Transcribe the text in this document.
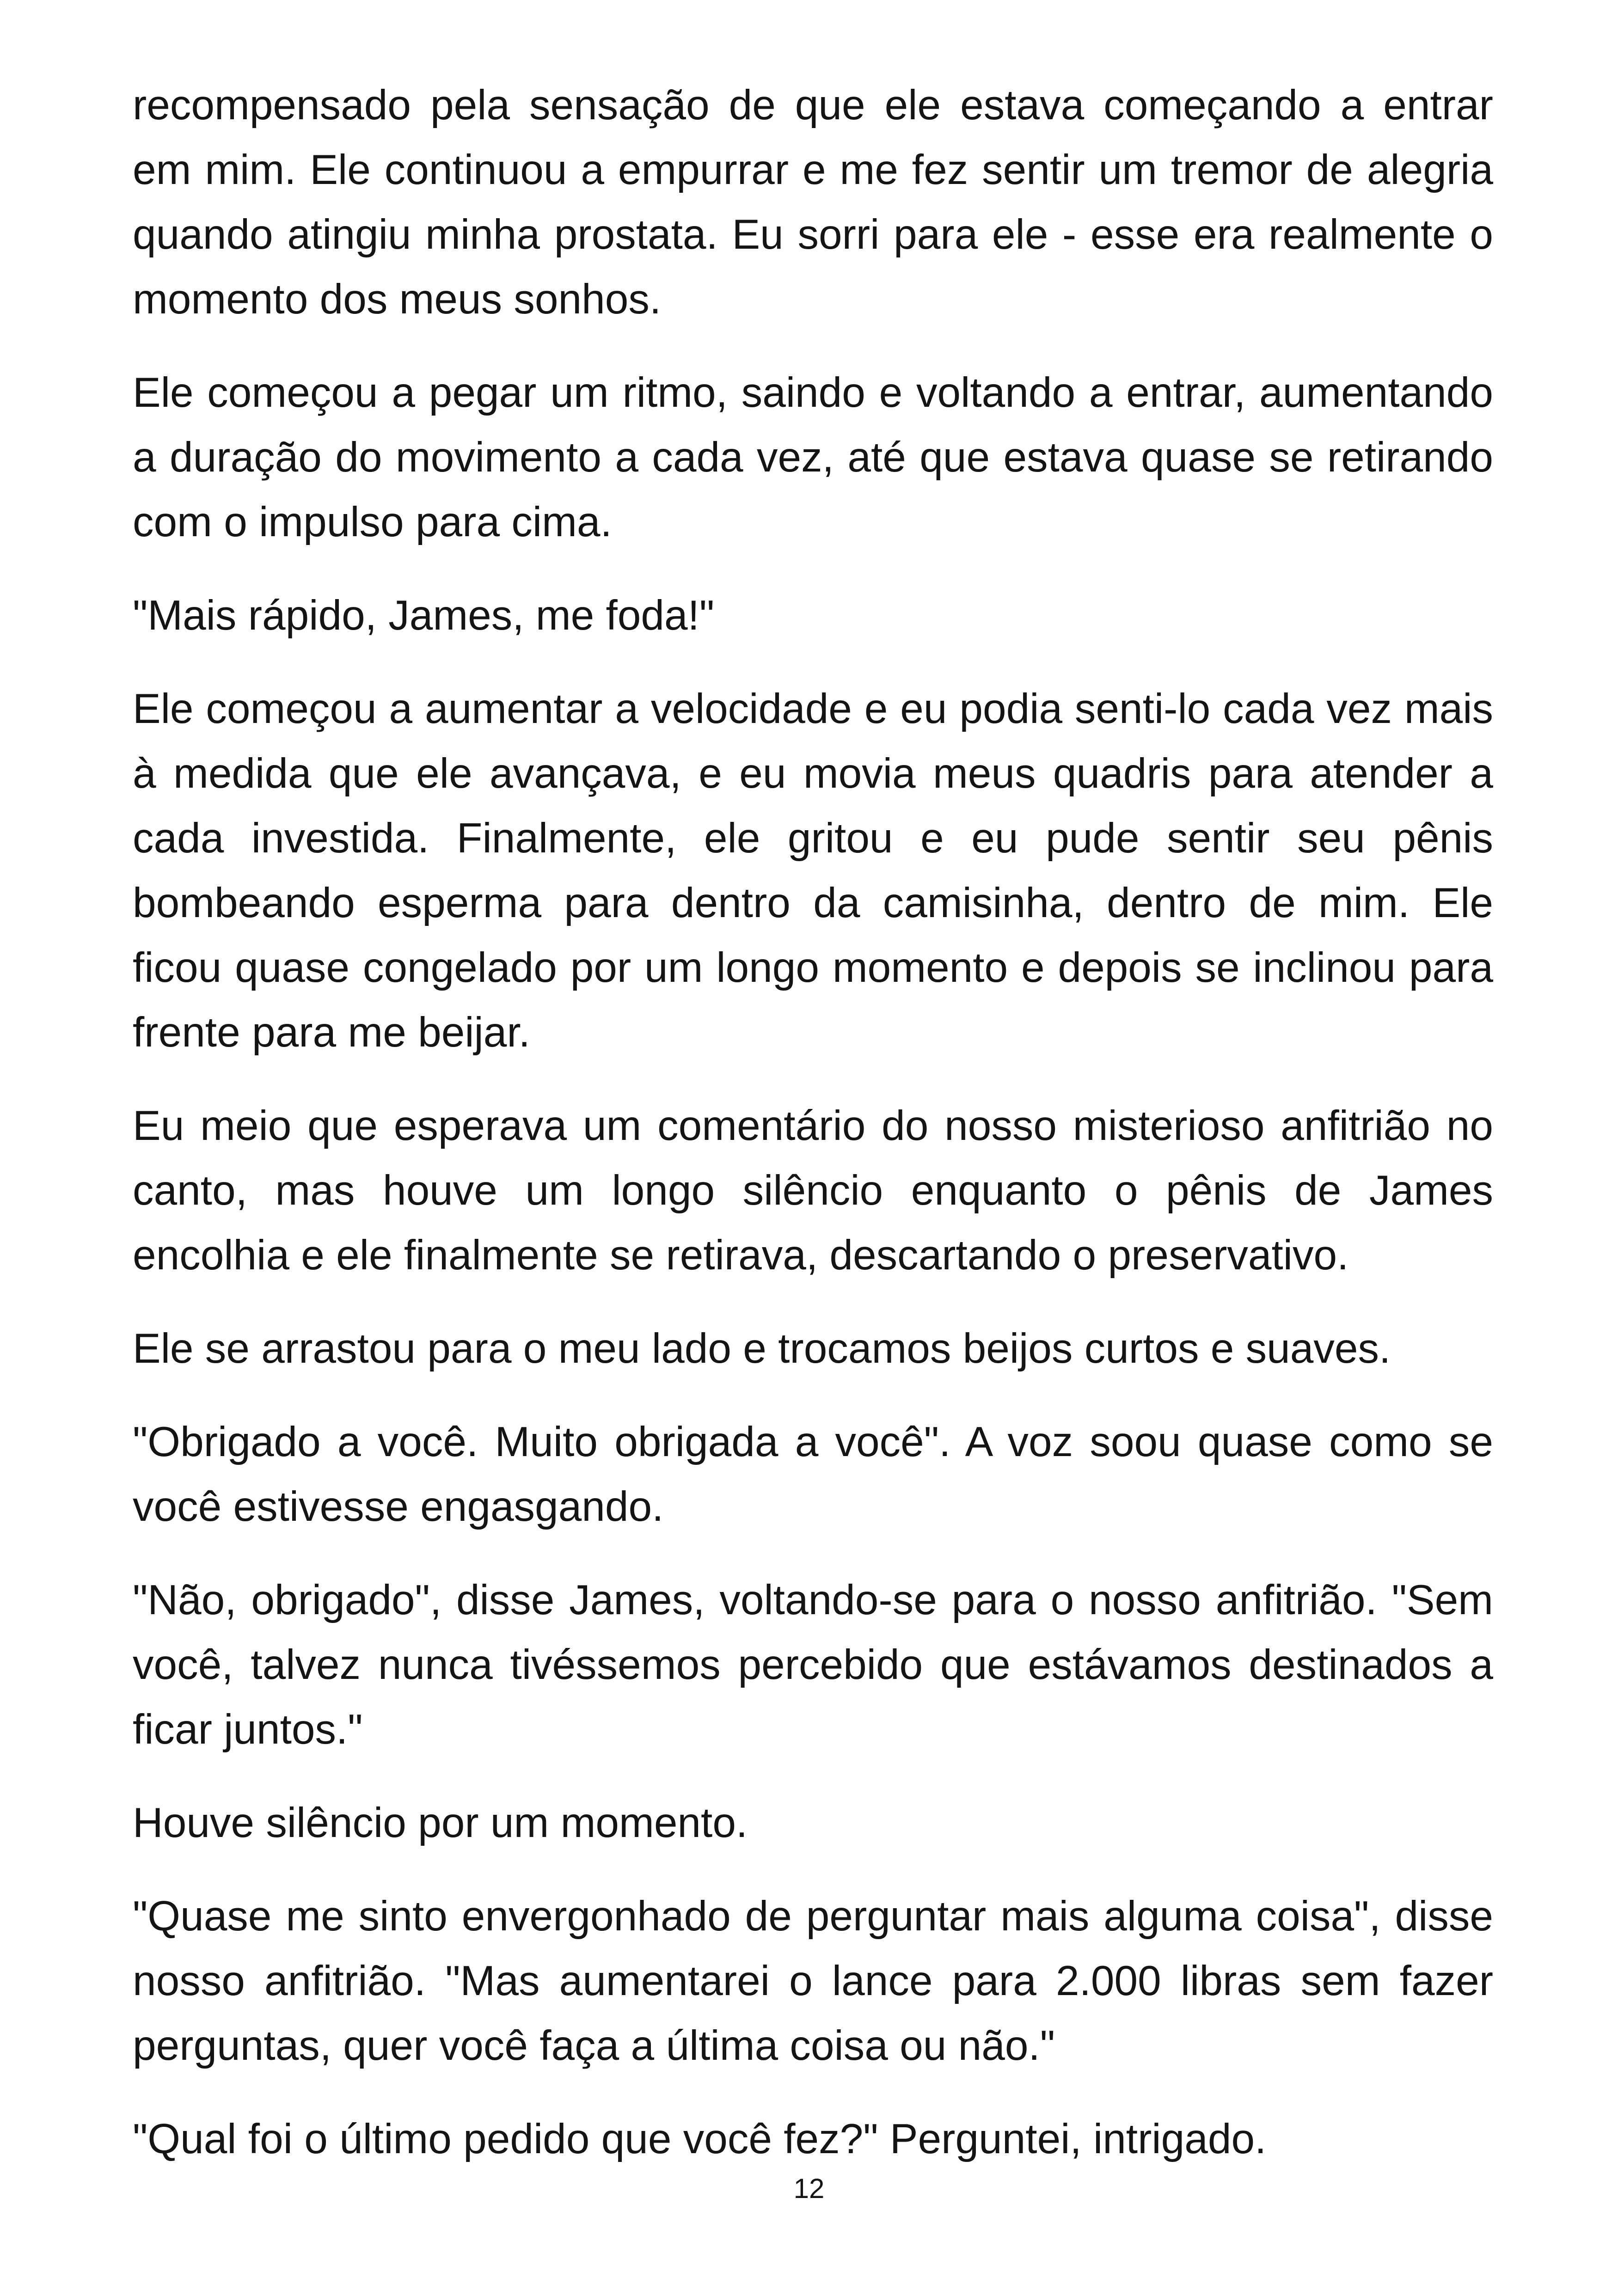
recompensado pela sensação de que ele estava começando a entrar em mim. Ele continuou a empurrar e me fez sentir um tremor de alegria quando atingiu minha prostata. Eu sorri para ele - esse era realmente o momento dos meus sonhos.

Ele começou a pegar um ritmo, saindo e voltando a entrar, aumentando a duração do movimento a cada vez, até que estava quase se retirando com o impulso para cima.

"Mais rápido, James, me foda!"

Ele começou a aumentar a velocidade e eu podia senti-lo cada vez mais à medida que ele avançava, e eu movia meus quadris para atender a cada investida. Finalmente, ele gritou e eu pude sentir seu pênis bombeando esperma para dentro da camisinha, dentro de mim. Ele ficou quase congelado por um longo momento e depois se inclinou para frente para me beijar.

Eu meio que esperava um comentário do nosso misterioso anfitrião no canto, mas houve um longo silêncio enquanto o pênis de James encolhia e ele finalmente se retirava, descartando o preservativo.

Ele se arrastou para o meu lado e trocamos beijos curtos e suaves.

"Obrigado a você. Muito obrigada a você". A voz soou quase como se você estivesse engasgando.

"Não, obrigado", disse James, voltando-se para o nosso anfitrião. "Sem você, talvez nunca tivéssemos percebido que estávamos destinados a ficar juntos."

Houve silêncio por um momento.

"Quase me sinto envergonhado de perguntar mais alguma coisa", disse nosso anfitrião. "Mas aumentarei o lance para 2.000 libras sem fazer perguntas, quer você faça a última coisa ou não."

"Qual foi o último pedido que você fez?" Perguntei, intrigado.

12
